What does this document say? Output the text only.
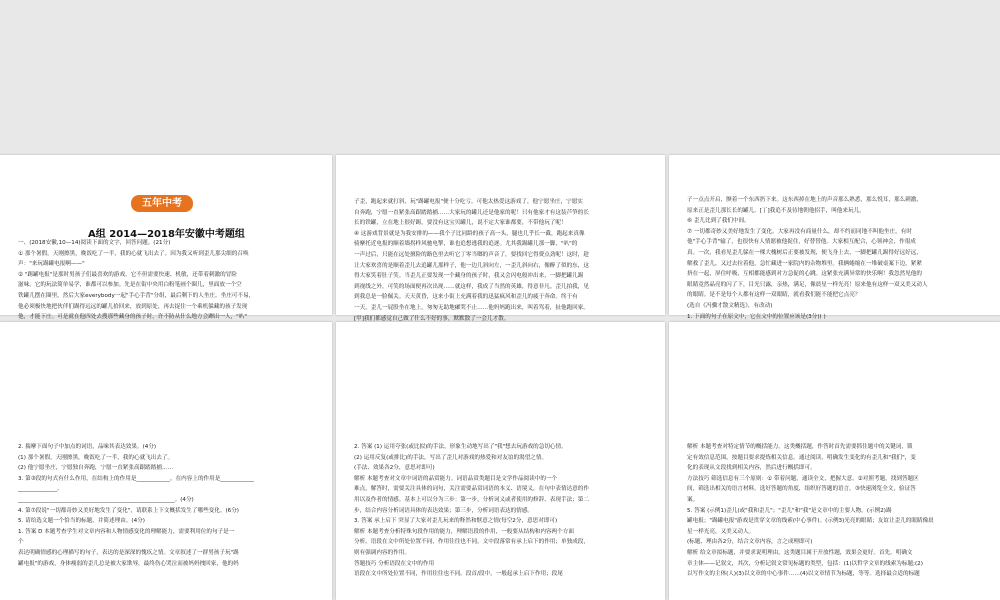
五年中考
A组 2014—2018年安徽中考题组

一、(2018安徽,10—14)阅读下面的文字，回答问题。(21分)

① 那个暑假，天刚擦黑，晚饭吃了一半，我的心就飞出去了。因为我又听到歪儿那尖细的召唤

声："来玩踢罐电报啊——"

② "踢罐电报"是那时男孩子们最喜欢的游戏。它不但需要快速、机敏，还带着刺激的冒险

滋味。它的玩法简单易学，谁都可以参加。先是在街中央用白粉笔画个圈儿，里面放一个空

铁罐儿摆在圈里，然后大家everybody一起"手心手背"分组，最后剩下的人坐庄。坐庄可不易，

他必须极快地把伙伴们踢得远远的罐儿拾回来，放到原处，再去捉住一个乘机躲藏的孩子发现

他，才能下庄。可是就在他四处去搜那些藏身的孩子时，许不防从什么地方会蹿出一人，"叭"

子歪，跑起来就打斜，玩"踢罐电报"便十分吃亏。可他太热爱这游戏了，他宁愿坐庄，宁愿实

自奔跑，宁愿一直紧张高跟踏踏捕……大家玩的罐儿还是他家的呢！只有他家才有这装芦笋的长

长的铁罐，立在地上很好踢，要没有这宝贝罐儿，说不定大家谁都要，不带他玩了呢！

④ 这游戏背景就是为我安排的——我个子比同龄的孩子高一头，腿也几乎长一截，跑起来真像

骑摩托近电报的顺着墙拐样风驰电掣，谁也追想逃我的追逐。尤其我踢罐儿那一脚，"叭"的

一声过后，只能在远处擅险的路色里去听它丁零当啷的声音了，要找回它得费点劲呢！这时，趁

让大家欢喜的是顺着歪儿去追罐儿那样子，他一边儿斜向左，一歪儿斜向右，像醉了似的东，这

得大家笑着肚子笑。当歪儿正要发现一个藏身的孩子时，我又会闪电般冲出来，一脚把罐儿踢

到视线之外，可笑的场面便再次出现……就这样，我成了当然的英雄，得意非凡。歪儿拍我，见

到我总是一脸佩关。天天黄昏，这来小街上充满着我的迅猛疯风和歪儿的疲于奔命。终于有

一天，歪儿一屁股坐在地上，匆匆无助地瘫哭不止……他妈妈跑出来，叫着骂着，扯他跑回家。

[甲]我们都感觉自己做了什么不好的事，默默散了一会儿才散。

子一点点开启，颤着一个东西扔下来。这东西掉在地上的声音那么熟悉，那么悦耳，那么刺激，

原来正是歪儿那长长的罐儿。[丁]我追不及待地朝他招手，叫他来玩儿。

⑥ 歪儿比到了我们中间。

⑦ 一切都奇妙又美好地发生了变化。大家再没有商量什么，却不约而同地不叫他坐庄，有时

他"手心手背"输了，也很快有人情愿被他捉住，好替替他。大家相互配合，心领神会，作很成

真。一次，我看见歪儿躲在一棵大槐树后正要被发现，便飞身上去，一脚把罐儿踢得好远好远，

解救了歪儿，又过去拉着他，急忙藏进一家院内的杂物堆里。我俩蜷缩在一堆破桌案下边，紧紧

挤在一起，屏住呼吸，互相都能感到对方急促的心跳。这紧张充满异常的快乐啊！我忽然见他的

眼睛竟然晶亮的闪了下，目光只露，亲热，满足，像晨星一样光亮！原来他有这样一双又美又动人

的眼睛。是不是每个人都有这样一双眼睛，就看我们能不能把它点亮？

(选自《冯骥才散文精选》，有改动)

1. 下面的句子在原文中，它在文中的位置应该是(3分)( )

2. 揣摩下面句子中加点的词语，品味其表达效果。(4分)

(1) 那个暑假，天刚擦黑，晚饭吃了一半，我的心就飞出去了。

(2) 他宁愿坐庄，宁愿独自奔跑，宁愿一直紧张高跟踏踏捕……

3. 第③段的句式有什么作用，在结构上的作用是____________，在内容上的作用是____________

______________。

________________________________________________________。(4分)

4. 第⑦段说"一切都奇妙又美好地发生了变化"，请联系上下文概括发生了哪些变化。(6分)

5. 请给选文题一个恰当的标题，并简述理由。(4分)

1. 答案 D 本题考查学生对文章内容和人物情感变化的理解能力，需要利用位的句子是一

个

表达明确情感的心理描写的句子，表达的是深深的愧疚之情。文章叙述了一群男孩子玩"踢

罐电报"的游戏，身体瘦弱的歪儿总是被大家欺辱，最终伤心哭泣而被妈妈拽回家，他的妈

2. 答案 (1) 运用夸张(或比拟)的手法，形象生动地写出了"我"想去玩游戏的急切心情。

(2) 运用反复(或排比)的手法，写出了歪儿对游戏的热爱和对友谊的渴望之情。

(手法、效果各2分，意思对即可)

解析 本题考查对文章中词语的品赏能力。词语品赏类题目是文学作品阅读中的一个

难点，解答时，需要关注具体的词句，关注需要品赏词语的本义、语境义，在句中表情达意的作

用以及作者的情感。基本上可以分为三步：第一步，分析词义或者使用的修辞、表现手法；第二

步，结合内容分析词语具体的表达效果；第三步，分析词语表达的情感。

3. 答案 承上启下 突显了大家对歪儿玩来的释然和惬意之情(每空2分，意思对即可)

解析 本题考查分析特殊句段作用的能力，理解语段的作用，一般要从结构和内容两个方面

分析。语段在文中所处位置不同，作用往往也不同。文中段落常有承上启下的作用；单独成段，

则有强调内容的作用。

答题技巧 分析语段在文中的作用

语段在文中所处位置不同，作用往往也不同。段首/段中，一般起承上启下作用；段尾

解析 本题考查对特定情节的概括能力。这类概括题，作答时首先需要抓住题中的关键词，锁

定有效信息范围，按题目要求提炼相关信息。通过阅读，明确发生变化的有歪儿和"我们"，变

化的表现从文段找到相关内容，然后进行概括即可。

方法技巧 筛选信息有三个原则：① 带着问题，通读全文，把握大意。②对照考题，找到答题区

间，筛选出相关的语言材料，选好答题的角度，组织好答题的语言。③快速浏览全文，验证答

案。

5. 答案 (示例1)歪儿(或"我和歪儿"；"歪儿"和"我"是文章中的主要人物。(示例2)踢

罐电报；"踢罐电报"游戏是贯穿文章的线索(中心事件)。(示例3)光亮的眼睛；友谊让歪儿的眼睛像晨

星一样光亮，又美又动人。

(标题、理由各2分，结合文章内容，言之成理即可)

解析 给文章拟标题，并要求说明理由。这类题目属于开放性题，效果会更好。首先，明确文

章主体——记叙文，其次，分析记叙文常见标题的类型，包括：(1)以哲学文章的线索为标题;(2)

以写作文的主体(人)(3)以文章的中心事件……(4)以文章情节为标题，等等。选择最合适的标题
